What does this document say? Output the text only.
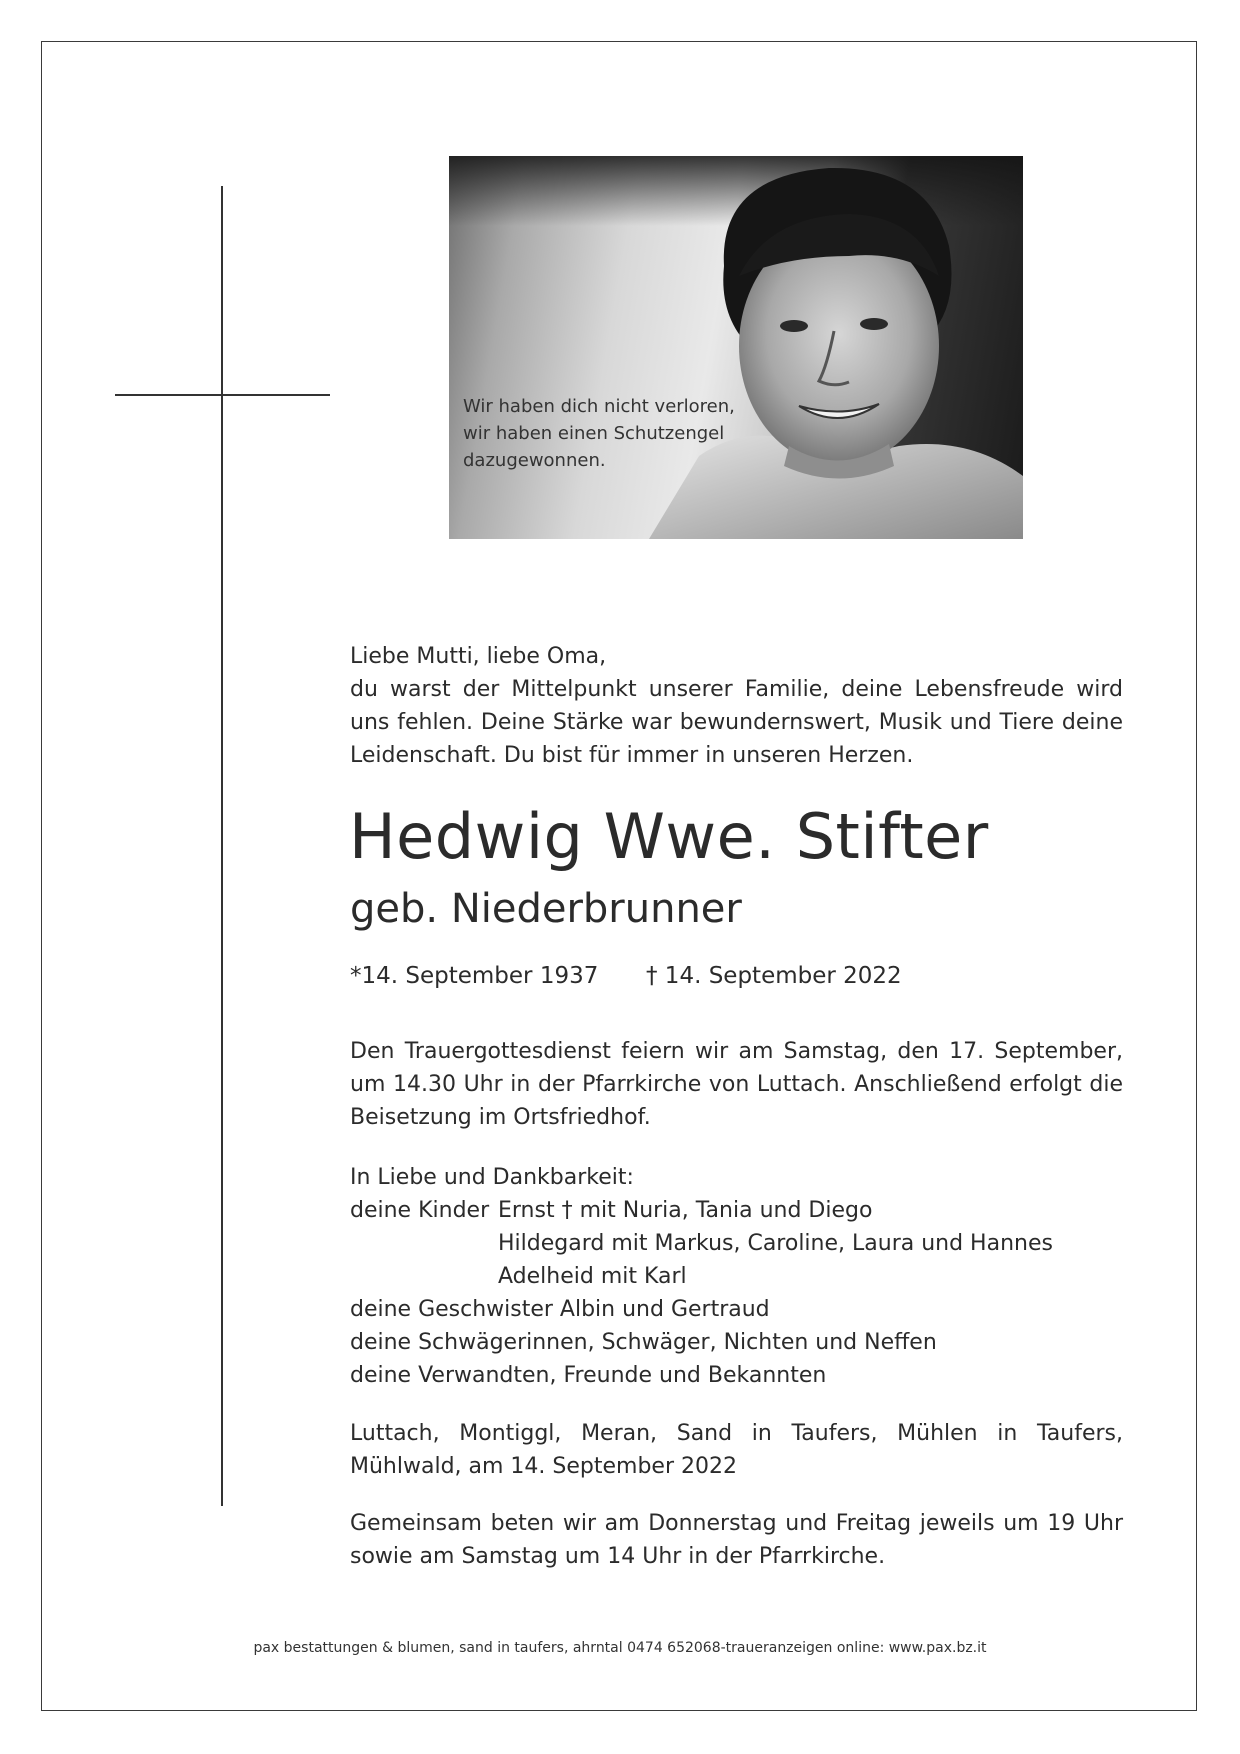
Wir haben dich nicht verloren,
wir haben einen Schutzengel
dazugewonnen.
Liebe Mutti, liebe Oma,
du warst der Mittelpunkt unserer Familie, deine Lebensfreude wird uns fehlen. Deine Stärke war bewundernswert, Musik und Tiere deine Leidenschaft. Du bist für immer in unseren Herzen.
Hedwig Wwe. Stifter
geb. Niederbrunner
*14. September 1937 † 14. September 2022
Den Trauergottesdienst feiern wir am Samstag, den 17. September, um 14.30 Uhr in der Pfarrkirche von Luttach. Anschließend erfolgt die Beisetzung im Ortsfriedhof.
In Liebe und Dankbarkeit:
deine Kinder Ernst † mit Nuria, Tania und Diego
Hildegard mit Markus, Caroline, Laura und Hannes
Adelheid mit Karl
deine Geschwister Albin und Gertraud
deine Schwägerinnen, Schwäger, Nichten und Neffen
deine Verwandten, Freunde und Bekannten
Luttach, Montiggl, Meran, Sand in Taufers, Mühlen in Taufers, Mühlwald, am 14. September 2022
Gemeinsam beten wir am Donnerstag und Freitag jeweils um 19 Uhr sowie am Samstag um 14 Uhr in der Pfarrkirche.
pax bestattungen & blumen, sand in taufers, ahrntal 0474 652068-traueranzeigen online: www.pax.bz.it
